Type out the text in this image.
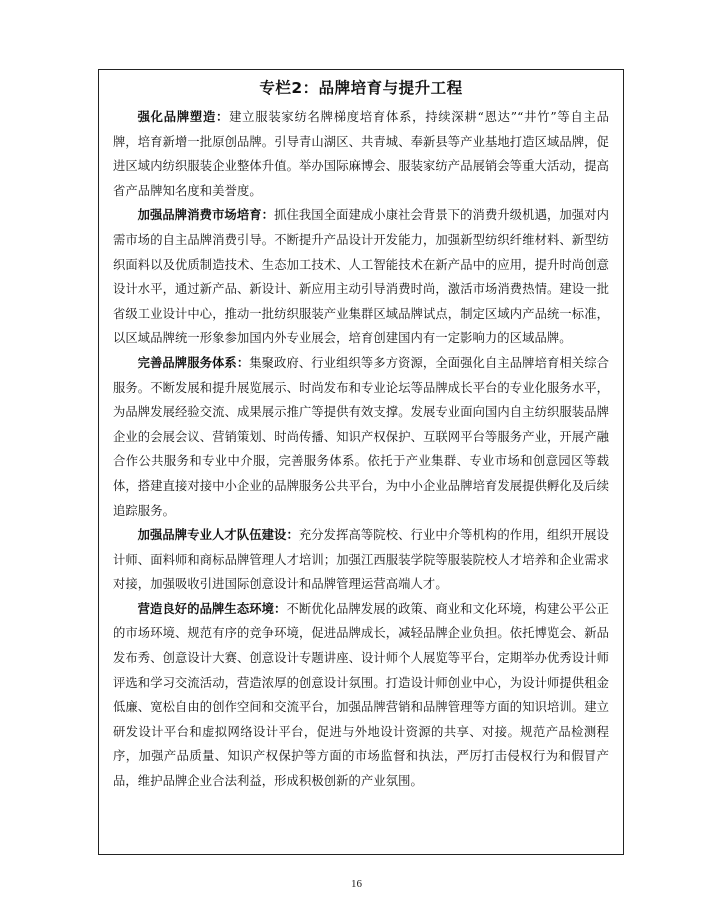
专栏2：品牌培育与提升工程

强化品牌塑造：建立服装家纺名牌梯度培育体系，持续深耕“恩达”“井竹”等自主品牌，培育新增一批原创品牌。引导青山湖区、共青城、奉新县等产业基地打造区域品牌，促进区域内纺织服装企业整体升值。举办国际麻博会、服装家纺产品展销会等重大活动，提高省产品牌知名度和美誉度。

加强品牌消费市场培育：抓住我国全面建成小康社会背景下的消费升级机遇，加强对内需市场的自主品牌消费引导。不断提升产品设计开发能力，加强新型纺织纤维材料、新型纺织面料以及优质制造技术、生态加工技术、人工智能技术在新产品中的应用，提升时尚创意设计水平，通过新产品、新设计、新应用主动引导消费时尚，激活市场消费热情。建设一批省级工业设计中心，推动一批纺织服装产业集群区域品牌试点，制定区域内产品统一标准，以区域品牌统一形象参加国内外专业展会，培育创建国内有一定影响力的区域品牌。

完善品牌服务体系：集聚政府、行业组织等多方资源，全面强化自主品牌培育相关综合服务。不断发展和提升展览展示、时尚发布和专业论坛等品牌成长平台的专业化服务水平，为品牌发展经验交流、成果展示推广等提供有效支撑。发展专业面向国内自主纺织服装品牌企业的会展会议、营销策划、时尚传播、知识产权保护、互联网平台等服务产业，开展产融合作公共服务和专业中介服，完善服务体系。依托于产业集群、专业市场和创意园区等载体，搭建直接对接中小企业的品牌服务公共平台，为中小企业品牌培育发展提供孵化及后续追踪服务。

加强品牌专业人才队伍建设：充分发挥高等院校、行业中介等机构的作用，组织开展设计师、面料师和商标品牌管理人才培训；加强江西服装学院等服装院校人才培养和企业需求对接，加强吸收引进国际创意设计和品牌管理运营高端人才。

营造良好的品牌生态环境：不断优化品牌发展的政策、商业和文化环境，构建公平公正的市场环境、规范有序的竞争环境，促进品牌成长，减轻品牌企业负担。依托博览会、新品发布秀、创意设计大赛、创意设计专题讲座、设计师个人展览等平台，定期举办优秀设计师评选和学习交流活动，营造浓厚的创意设计氛围。打造设计师创业中心，为设计师提供租金低廉、宽松自由的创作空间和交流平台，加强品牌营销和品牌管理等方面的知识培训。建立研发设计平台和虚拟网络设计平台，促进与外地设计资源的共享、对接。规范产品检测程序，加强产品质量、知识产权保护等方面的市场监督和执法，严厉打击侵权行为和假冒产品，维护品牌企业合法利益，形成积极创新的产业氛围。

16
